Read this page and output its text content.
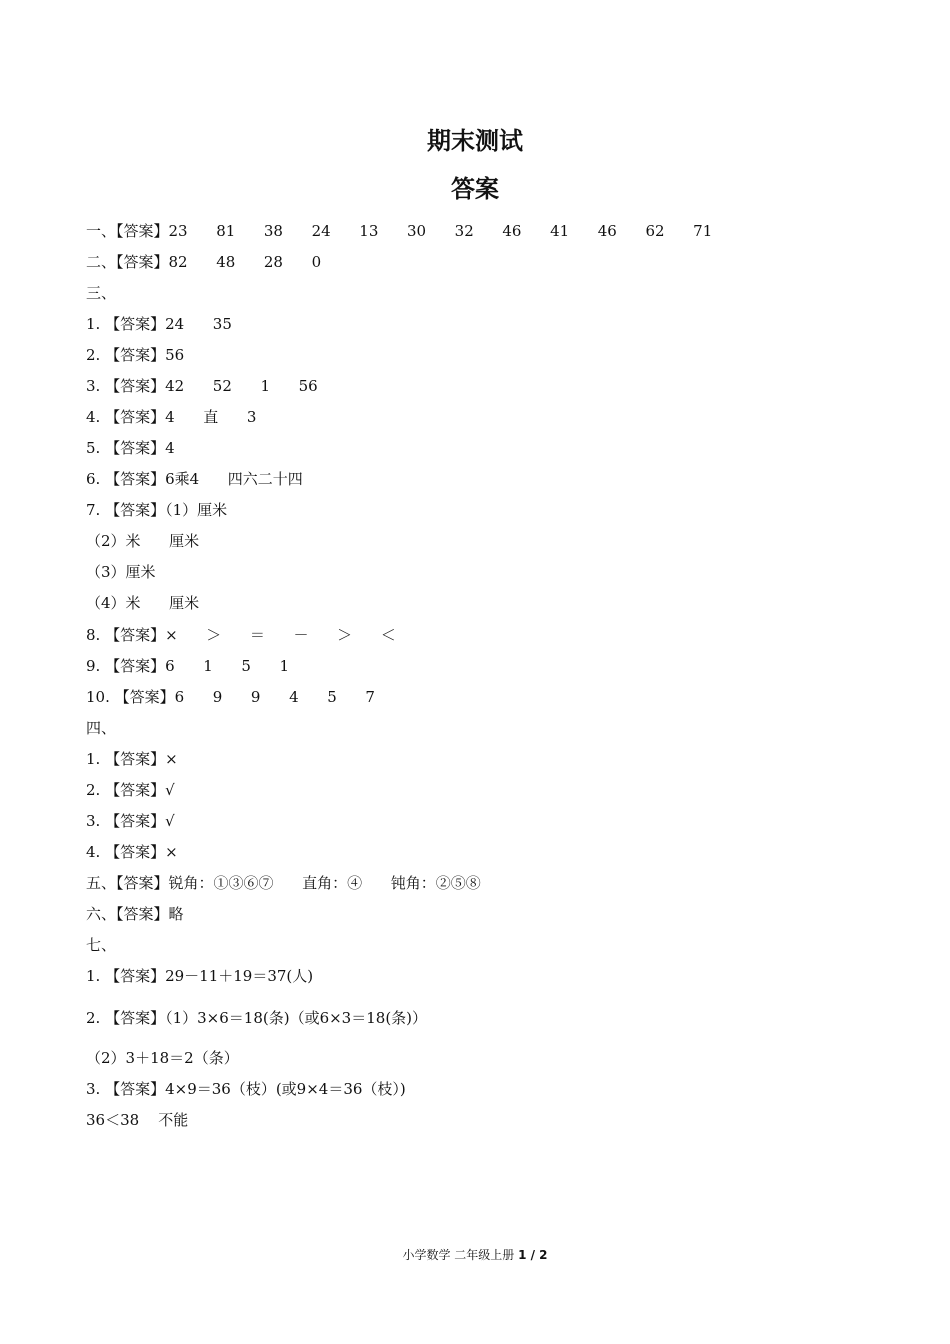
期末测试
答案
一、【答案】23      81      38      24      13      30      32      46      41      46      62      71
二、【答案】82      48      28      0
三、
1. 【答案】24      35
2. 【答案】56
3. 【答案】42      52      1      56
4. 【答案】4      直      3
5. 【答案】4
6. 【答案】6乘4      四六二十四
7. 【答案】（1）厘米
（2）米      厘米
（3）厘米
（4）米      厘米
8. 【答案】×      ＞      ＝      －      ＞      ＜
9. 【答案】6      1      5      1
10. 【答案】6      9      9      4      5      7
四、
1. 【答案】×
2. 【答案】√
3. 【答案】√
4. 【答案】×
五、【答案】锐角：①③⑥⑦      直角：④      钝角：②⑤⑧
六、【答案】略
七、
1. 【答案】29－11＋19＝37(人)
2. 【答案】（1）3×6＝18(条)（或6×3＝18(条)）
（2）3＋18＝2（条）
3. 【答案】4×9＝36（枝）(或9×4＝36（枝）)
36＜38    不能
小学数学 二年级上册 1 / 2
